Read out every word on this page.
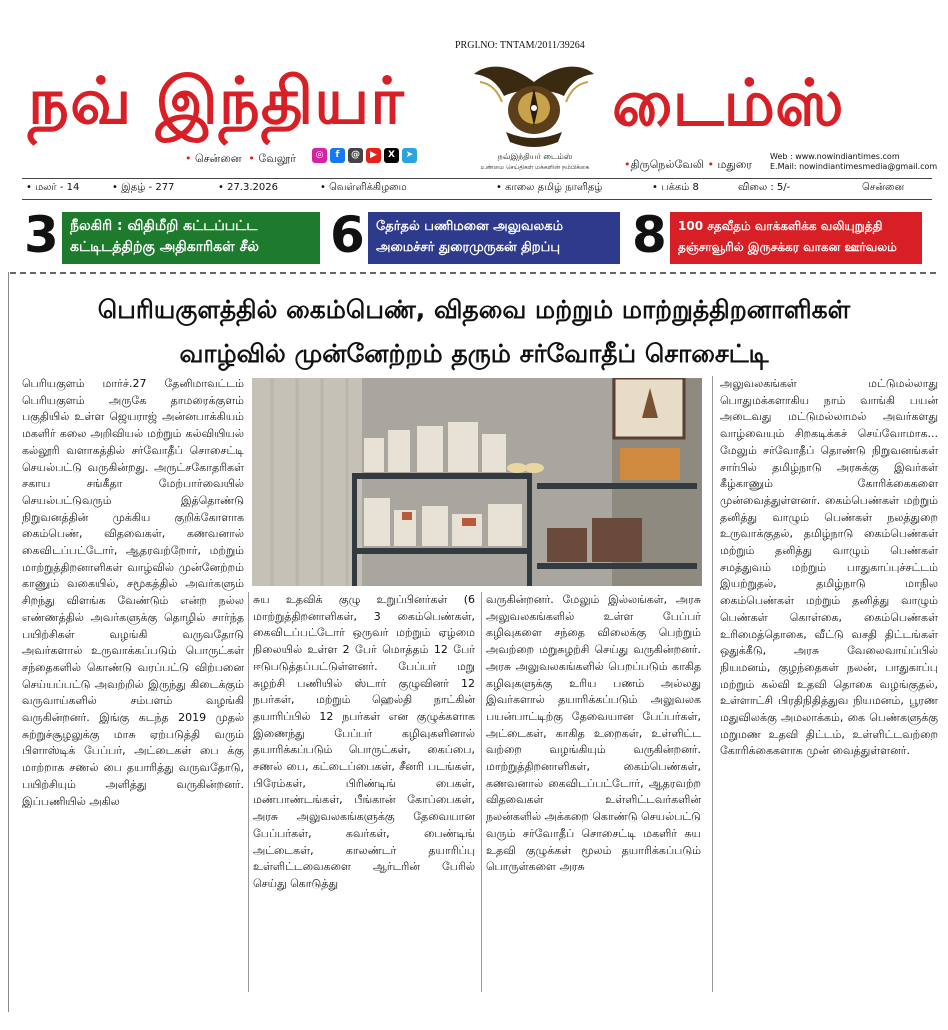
PRGI.NO: TNTAM/2011/39264
நவ் இந்தியர்	டைம்ஸ்
நவ்இந்தியர் டைம்ஸ்
உண்மை செய்திகள் மக்களின் நம்பிக்கை
• சென்னை • வேலூர்	◎	f	@	▶	X	➤
•திருநெல்வேலி • மதுரை
Web : www.nowindiantimes.com
E.Mail: nowindiantimesmedia@gmail.com
• மலர் - 14	• இதழ் - 277	• 27.3.2026	• வெள்ளிக்கிழமை	• காலை தமிழ் நாளிதழ்	• பக்கம் 8	விலை : 5/-	சென்னை
3 நீலகிரி : விதிமீறி கட்டப்பட்ட கட்டிடத்திற்கு அதிகாரிகள் சீல்	6 தேர்தல் பணிமனை அலுவலகம் அமைச்சர் துரைமுருகன் திறப்பு	8 100 சதவீதம் வாக்களிக்க வலியுறுத்தி தஞ்சாவூரில் இருசக்கர வாகன ஊர்வலம்
பெரியகுளத்தில் கைம்பெண், விதவை மற்றும் மாற்றுத்திறனாளிகள்
வாழ்வில் முன்னேற்றம் தரும் சர்வோதீப் சொசைட்டி
பெரியகுளம் மார்ச்.27 தேனிமாவட்டம் பெரியகுளம் அருகே தாமரைக்குளம் பகுதியில் உள்ள ஜெயராஜ் அன்னபாக்கியம் மகளிர் கலை அறிவியல் மற்றும் கல்வியியல் கல்லூரி வளாகத்தில் சர்வோதீப் சொசைட்டி செயல்பட்டு வருகின்றது. அருட்சகோதரிகள் சகாய சங்கீதா மேற்பார்வையில் செயல்பட்டுவரும் இத்தொண்டு நிறுவனத்தின் முக்கிய குறிக்கோளாக கைம்பெண், விதவைகள், கணவனால் கைவிடப்பட்டோர், ஆதரவற்றோர், மற்றும் மாற்றுத்திறனாளிகள் வாழ்வில் முன்னேற்றம் காணும் வகையில், சமூகத்தில் அவர்களும் சிறந்து விளங்க வேண்டும் என்ற நல்ல எண்ணத்தில் அவர்களுக்கு தொழில் சார்ந்த பயிற்சிகள் வழங்கி வருவதோடு அவர்களால் உருவாக்கப்படும் பொருட்கள் சந்தைகளில் கொண்டு வரப்பட்டு விற்பனை செய்யப்பட்டு அவற்றில் இருந்து கிடைக்கும் வருவாய்களில் சம்பளம் வழங்கி வருகின்றனர். இங்கு கடந்த 2019 முதல் சுற்றுச்சூழலுக்கு மாசு ஏற்படுத்தி வரும் பிளாஸ்டிக் பேப்பர், அட்டைகள் பை க்கு மாற்றாக சணல் பை தயாரித்து வருவதோடு, பயிற்சியும் அளித்து வருகின்றனர். இப்பணியில் அகில
சுய உதவிக் குழு உறுப்பினர்கள் (6 மாற்றுத்திறனாளிகள், 3 கைம்பெண்கள், கைவிடப்பட்டோர் ஒருவர் மற்றும் ஏழ்மை நிலையில் உள்ள 2 பேர் மொத்தம் 12 பேர் ஈடுபடுத்தப்பட்டுள்ளனர். பேப்பர் மறு சுழற்சி பணியில் ஸ்டார் குழுவினர் 12 நபர்கள், மற்றும் ஹெல்தி நாட்கின் தயாரிப்பில் 12 நபர்கள் என குழுக்களாக இணைந்து பேப்பர் கழிவுகளினால் தயாரிக்கப்படும் பொருட்கள், கைப்பை, சணல் பை, கட்டைப்பைகள், சீனரி படங்கள், பிரேம்கள், பிரிண்டிங் பைகள், மண்பாண்டங்கள், பீங்கான் கோப்பைகள், அரசு அலுவலகங்களுக்கு தேவையான பேப்பர்கள், கவர்கள், பைண்டிங் அட்டைகள், காலண்டர் தயாரிப்பு உள்ளிட்டவைகளை ஆர்டரின் பேரில் செய்து கொடுத்து
வருகின்றனர். மேலும் இல்லங்கள், அரசு அலுவலகங்களில் உள்ள பேப்பர் கழிவுகளை சந்தை விலைக்கு பெற்றும் அவற்றை மறுசுழற்சி செய்து வருகின்றனர். அரசு அலுவலகங்களில் பெறப்படும் காகித கழிவுகளுக்கு உரிய பணம் அல்லது இவர்களால் தயாரிக்கப்படும் அலுவலக பயன்பாட்டிற்கு தேவையான பேப்பர்கள், அட்டைகள், காகித உறைகள், உள்ளிட்ட வற்றை வழங்கியும் வருகின்றனர். மாற்றுத்திறனாளிகள், கைம்பெண்கள், கணவனால் கைவிடப்பட்டோர், ஆதரவற்ற விதவைகள் உள்ளிட்டவர்களின் நலன்களில் அக்கறை கொண்டு செயல்பட்டு வரும் சர்வோதீப் சொசைட்டி மகளிர் சுய உதவி குழுக்கள் மூலம் தயாரிக்கப்படும் பொருள்களை அரசு
அலுவலகங்கள் மட்டுமல்லாது பொதுமக்களாகிய நாம் வாங்கி பயன் அடைவது மட்டுமல்லாமல் அவர்களது வாழ்வையும் சிறகடிக்கச் செய்வோமாக... மேலும் சர்வோதீப் தொண்டு நிறுவனங்கள் சார்பில் தமிழ்நாடு அரசுக்கு இவர்கள் கீழ்காணும் கோரிக்கைகளை முன்வைத்துள்ளனர். கைம்பெண்கள் மற்றும் தனித்து வாழும் பெண்கள் நலத்துறை உருவாக்குதல், தமிழ்நாடு கைம்பெண்கள் மற்றும் தனித்து வாழும் பெண்கள் சமத்துவம் மற்றும் பாதுகாப்புச்சட்டம் இயற்றுதல், தமிழ்நாடு மாநில கைம்பெண்கள் மற்றும் தனித்து வாழும் பெண்கள் கொள்கை, கைம்பெண்கள் உரிமைத்தொகை, வீட்டு வசதி திட்டங்கள் ஒதுக்கீடு, அரசு வேலைவாய்ப்பில் நியமனம், குழந்தைகள் நலன், பாதுகாப்பு மற்றும் கல்வி உதவி தொகை வழங்குதல், உள்ளாட்சி பிரதிநிதித்துவ நியமனம், பூரண மதுவிலக்கு அமலாக்கம், கை பெண்களுக்கு மறுமண உதவி திட்டம், உள்ளிட்டவற்றை கோரிக்கைகளாக முன் வைத்துள்ளனர்.
